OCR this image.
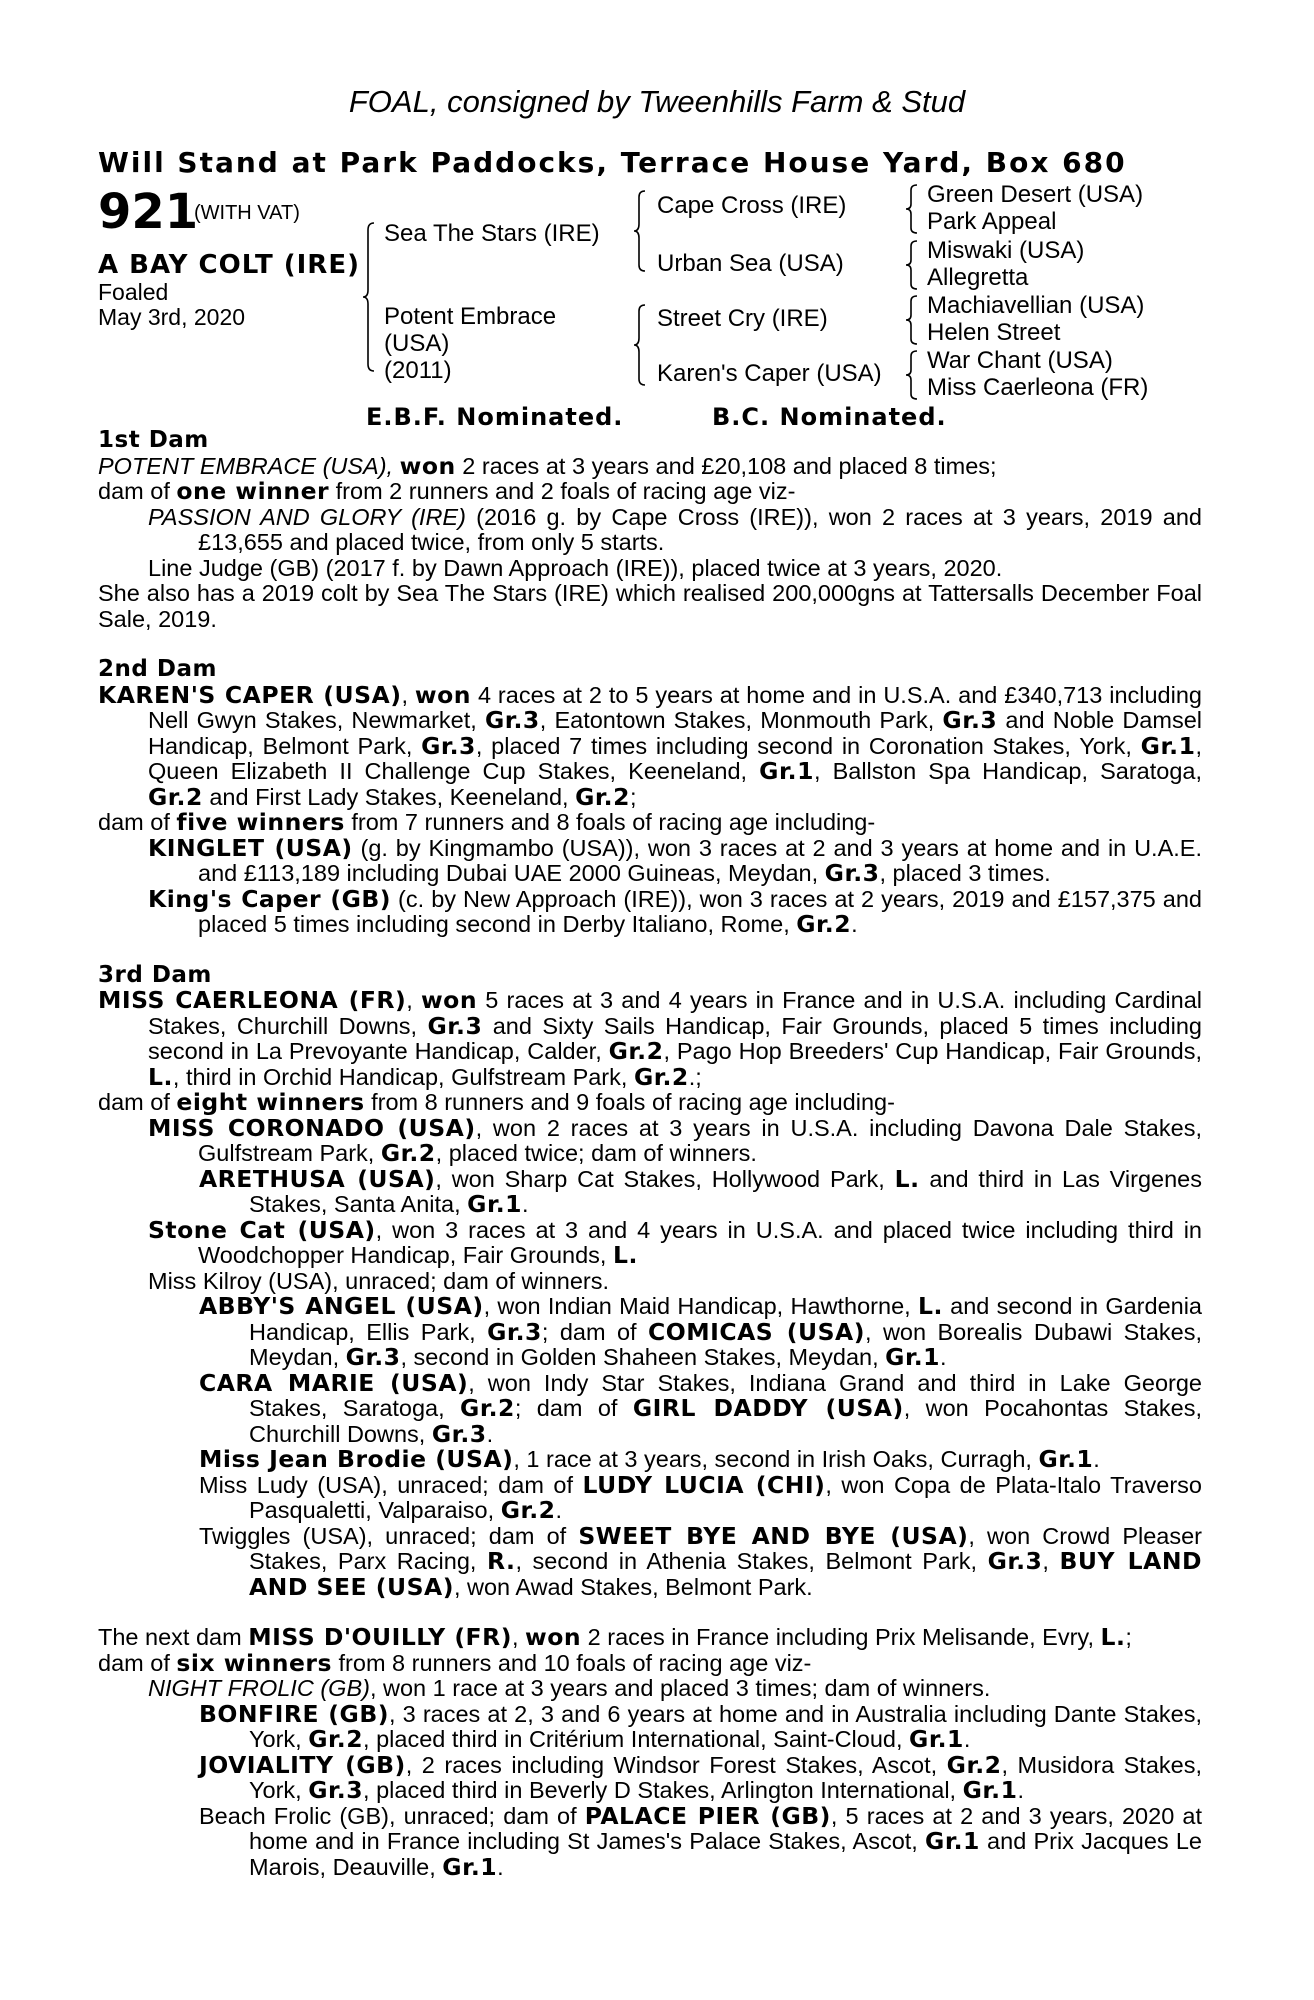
FOAL, consigned by Tweenhills Farm & Stud
Will Stand at Park Paddocks, Terrace House Yard, Box 680
921
(WITH VAT)
A BAY COLT (IRE)
Foaled
May 3rd, 2020
Sea The Stars (IRE)
Potent Embrace
(USA)
(2011)
Cape Cross (IRE)
Urban Sea (USA)
Street Cry (IRE)
Karen's Caper (USA)
Green Desert (USA)
Park Appeal
Miswaki (USA)
Allegretta
Machiavellian (USA)
Helen Street
War Chant (USA)
Miss Caerleona (FR)
E.B.F. Nominated.	B.C. Nominated.
1st Dam

POTENT EMBRACE (USA), won 2 races at 3 years and £20,108 and placed 8 times;

dam of one winner from 2 runners and 2 foals of racing age viz-

PASSION AND GLORY (IRE) (2016 g. by Cape Cross (IRE)), won 2 races at 3 years, 2019 and £13,655 and placed twice, from only 5 starts.

Line Judge (GB) (2017 f. by Dawn Approach (IRE)), placed twice at 3 years, 2020.

She also has a 2019 colt by Sea The Stars (IRE) which realised 200,000gns at Tattersalls December Foal Sale, 2019.

2nd Dam

KAREN'S CAPER (USA), won 4 races at 2 to 5 years at home and in U.S.A. and £340,713 including Nell Gwyn Stakes, Newmarket, Gr.3, Eatontown Stakes, Monmouth Park, Gr.3 and Noble Damsel Handicap, Belmont Park, Gr.3, placed 7 times including second in Coronation Stakes, York, Gr.1, Queen Elizabeth II Challenge Cup Stakes, Keeneland, Gr.1, Ballston Spa Handicap, Saratoga, Gr.2 and First Lady Stakes, Keeneland, Gr.2;

dam of five winners from 7 runners and 8 foals of racing age including-

KINGLET (USA) (g. by Kingmambo (USA)), won 3 races at 2 and 3 years at home and in U.A.E. and £113,189 including Dubai UAE 2000 Guineas, Meydan, Gr.3, placed 3 times.

King's Caper (GB) (c. by New Approach (IRE)), won 3 races at 2 years, 2019 and £157,375 and placed 5 times including second in Derby Italiano, Rome, Gr.2.

3rd Dam

MISS CAERLEONA (FR), won 5 races at 3 and 4 years in France and in U.S.A. including Cardinal Stakes, Churchill Downs, Gr.3 and Sixty Sails Handicap, Fair Grounds, placed 5 times including second in La Prevoyante Handicap, Calder, Gr.2, Pago Hop Breeders' Cup Handicap, Fair Grounds, L., third in Orchid Handicap, Gulfstream Park, Gr.2.;

dam of eight winners from 8 runners and 9 foals of racing age including-

MISS CORONADO (USA), won 2 races at 3 years in U.S.A. including Davona Dale Stakes, Gulfstream Park, Gr.2, placed twice; dam of winners.

ARETHUSA (USA), won Sharp Cat Stakes, Hollywood Park, L. and third in Las Virgenes Stakes, Santa Anita, Gr.1.

Stone Cat (USA), won 3 races at 3 and 4 years in U.S.A. and placed twice including third in Woodchopper Handicap, Fair Grounds, L.

Miss Kilroy (USA), unraced; dam of winners.

ABBY'S ANGEL (USA), won Indian Maid Handicap, Hawthorne, L. and second in Gardenia Handicap, Ellis Park, Gr.3; dam of COMICAS (USA), won Borealis Dubawi Stakes, Meydan, Gr.3, second in Golden Shaheen Stakes, Meydan, Gr.1.

CARA MARIE (USA), won Indy Star Stakes, Indiana Grand and third in Lake George Stakes, Saratoga, Gr.2; dam of GIRL DADDY (USA), won Pocahontas Stakes, Churchill Downs, Gr.3.

Miss Jean Brodie (USA), 1 race at 3 years, second in Irish Oaks, Curragh, Gr.1.

Miss Ludy (USA), unraced; dam of LUDY LUCIA (CHI), won Copa de Plata-Italo Traverso Pasqualetti, Valparaiso, Gr.2.

Twiggles (USA), unraced; dam of SWEET BYE AND BYE (USA), won Crowd Pleaser Stakes, Parx Racing, R., second in Athenia Stakes, Belmont Park, Gr.3, BUY LAND AND SEE (USA), won Awad Stakes, Belmont Park.

The next dam MISS D'OUILLY (FR), won 2 races in France including Prix Melisande, Evry, L.;

dam of six winners from 8 runners and 10 foals of racing age viz-

NIGHT FROLIC (GB), won 1 race at 3 years and placed 3 times; dam of winners.

BONFIRE (GB), 3 races at 2, 3 and 6 years at home and in Australia including Dante Stakes, York, Gr.2, placed third in Critérium International, Saint-Cloud, Gr.1.

JOVIALITY (GB), 2 races including Windsor Forest Stakes, Ascot, Gr.2, Musidora Stakes, York, Gr.3, placed third in Beverly D Stakes, Arlington International, Gr.1.

Beach Frolic (GB), unraced; dam of PALACE PIER (GB), 5 races at 2 and 3 years, 2020 at home and in France including St James's Palace Stakes, Ascot, Gr.1 and Prix Jacques Le Marois, Deauville, Gr.1.
